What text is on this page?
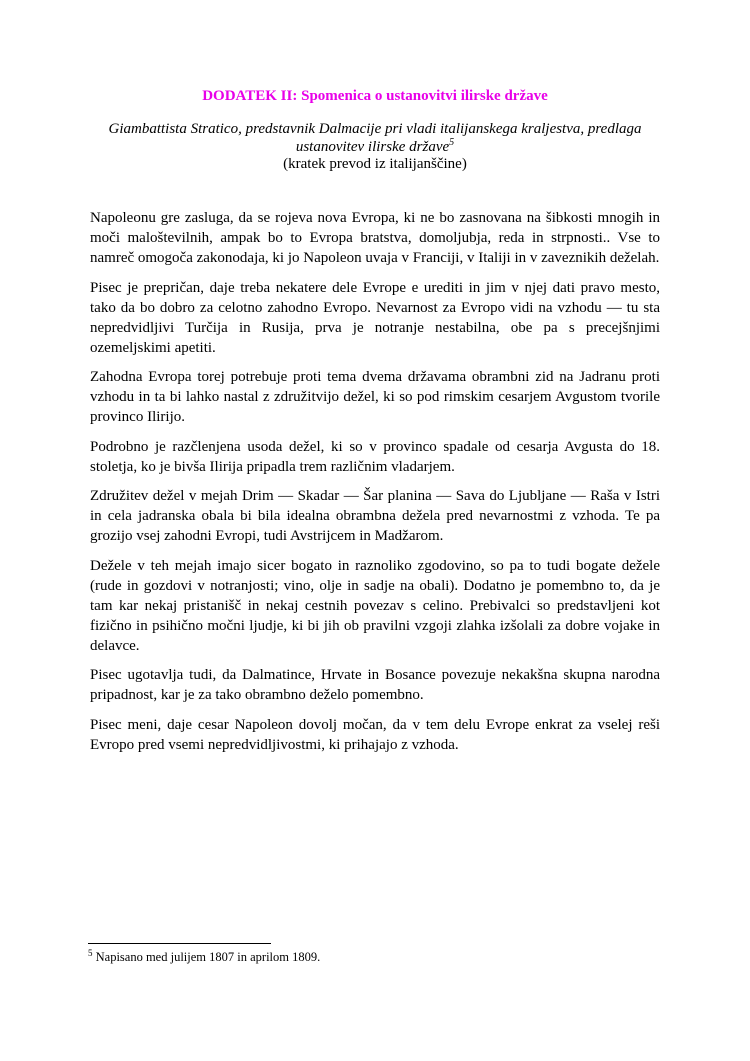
DODATEK II: Spomenica o ustanovitvi ilirske države
Giambattista Stratico, predstavnik Dalmacije pri vladi italijanskega kraljestva, predlaga
ustanovitev ilirske države$^5$
(kratek prevod iz italijanščine)

Napoleonu gre zasluga, da se rojeva nova Evropa, ki ne bo zasnovana na šibkosti mnogih in moči maloštevilnih, ampak bo to Evropa bratstva, domoljubja, reda in strpnosti.. Vse to namreč omogoča zakonodaja, ki jo Napoleon uvaja v Franciji, v Italiji in v zaveznikih deželah.

Pisec je prepričan, daje treba nekatere dele Evrope e urediti in jim v njej dati pravo mesto, tako da bo dobro za celotno zahodno Evropo. Nevarnost za Evropo vidi na vzhodu — tu sta nepredvidljivi Turčija in Rusija, prva je notranje nestabilna, obe pa s precejšnjimi ozemeljskimi apetiti.

Zahodna Evropa torej potrebuje proti tema dvema državama obrambni zid na Jadranu proti vzhodu in ta bi lahko nastal z združitvijo dežel, ki so pod rimskim cesarjem Avgustom tvorile provinco Ilirijo.

Podrobno je razčlenjena usoda dežel, ki so v provinco spadale od cesarja Avgusta do 18. stoletja, ko je bivša Ilirija pripadla trem različnim vladarjem.

Združitev dežel v mejah Drim — Skadar — Šar planina — Sava do Ljubljane — Raša v Istri in cela jadranska obala bi bila idealna obrambna dežela pred nevarnostmi z vzhoda. Te pa grozijo vsej zahodni Evropi, tudi Avstrijcem in Madžarom.

Dežele v teh mejah imajo sicer bogato in raznoliko zgodovino, so pa to tudi bogate dežele (rude in gozdovi v notranjosti; vino, olje in sadje na obali). Dodatno je pomembno to, da je tam kar nekaj pristanišč in nekaj cestnih povezav s celino. Prebivalci so predstavljeni kot fizično in psihično močni ljudje, ki bi jih ob pravilni vzgoji zlahka izšolali za dobre vojake in delavce.

Pisec ugotavlja tudi, da Dalmatince, Hrvate in Bosance povezuje nekakšna skupna narodna pripadnost, kar je za tako obrambno deželo pomembno.

Pisec meni, daje cesar Napoleon dovolj močan, da v tem delu Evrope enkrat za vselej reši Evropo pred vsemi nepredvidljivostmi, ki prihajajo z vzhoda.

$^5$ Napisano med julijem 1807 in aprilom 1809.
